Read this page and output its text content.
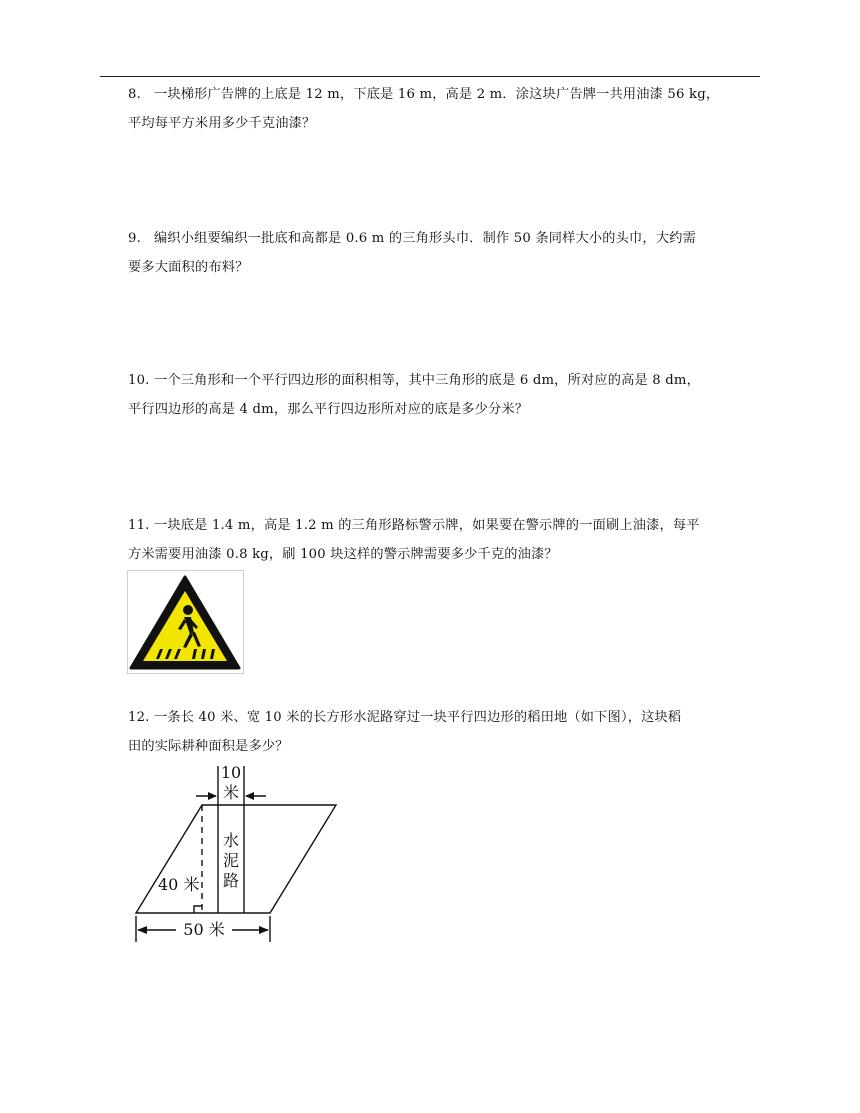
8. 一块梯形广告牌的上底是 12 m，下底是 16 m，高是 2 m．涂这块广告牌一共用油漆 56 kg，
平均每平方米用多少千克油漆？
9. 编织小组要编织一批底和高都是 0.6 m 的三角形头巾．制作 50 条同样大小的头巾，大约需
要多大面积的布料？
10. 一个三角形和一个平行四边形的面积相等，其中三角形的底是 6 dm，所对应的高是 8 dm，
平行四边形的高是 4 dm，那么平行四边形所对应的底是多少分米？
11. 一块底是 1.4 m，高是 1.2 m 的三角形路标警示牌，如果要在警示牌的一面刷上油漆，每平
方米需要用油漆 0.8 kg，刷 100 块这样的警示牌需要多少千克的油漆？
12. 一条长 40 米、宽 10 米的长方形水泥路穿过一块平行四边形的稻田地（如下图），这块稻
田的实际耕种面积是多少？
10
米
水
泥
路
40 米
50 米
